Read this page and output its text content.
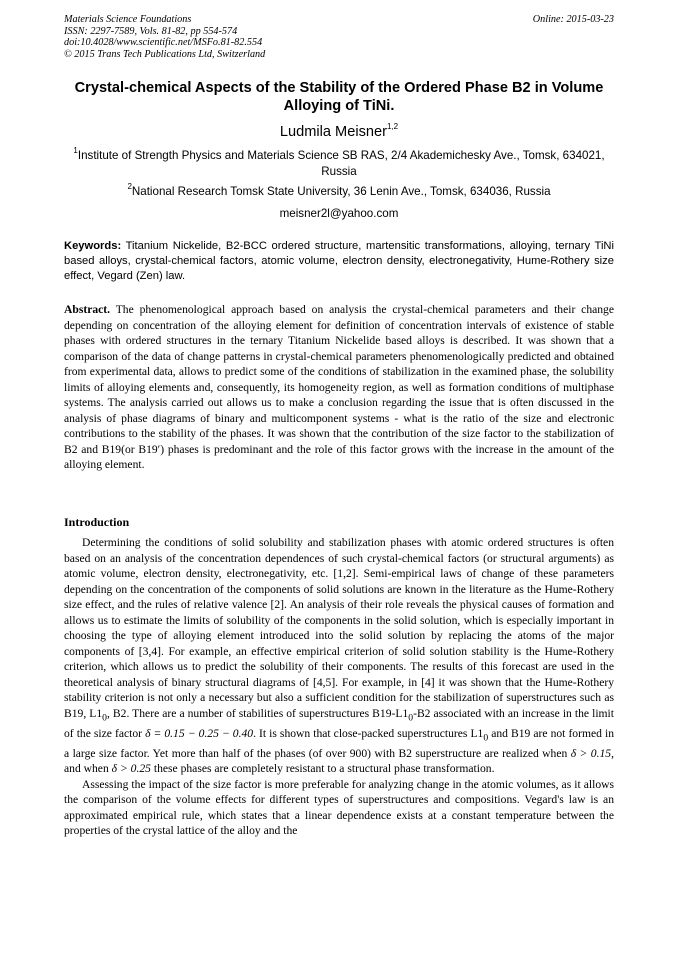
Materials Science Foundations
ISSN: 2297-7589, Vols. 81-82, pp 554-574
doi:10.4028/www.scientific.net/MSFo.81-82.554
© 2015 Trans Tech Publications Ltd, Switzerland
Online: 2015-03-23
Crystal-chemical Aspects of the Stability of the Ordered Phase B2 in Volume Alloying of TiNi.
Ludmila Meisner$^{1,2}$
$^1$Institute of Strength Physics and Materials Science SB RAS, 2/4 Akademichesky Ave., Tomsk, 634021, Russia
$^2$National Research Tomsk State University, 36 Lenin Ave., Tomsk, 634036, Russia
meisner2l@yahoo.com
Keywords: Titanium Nickelide, B2-BCC ordered structure, martensitic transformations, alloying, ternary TiNi based alloys, crystal-chemical factors, atomic volume, electron density, electronegativity, Hume-Rothery size effect, Vegard (Zen) law.
Abstract. The phenomenological approach based on analysis the crystal-chemical parameters and their change depending on concentration of the alloying element for definition of concentration intervals of existence of stable phases with ordered structures in the ternary Titanium Nickelide based alloys is described. It was shown that a comparison of the data of change patterns in crystal-chemical parameters phenomenologically predicted and obtained from experimental data, allows to predict some of the conditions of stabilization in the examined phase, the solubility limits of alloying elements and, consequently, its homogeneity region, as well as formation conditions of multiphase systems. The analysis carried out allows us to make a conclusion regarding the issue that is often discussed in the analysis of phase diagrams of binary and multicomponent systems - what is the ratio of the size and electronic contributions to the stability of the phases. It was shown that the contribution of the size factor to the stabilization of B2 and B19(or B19′) phases is predominant and the role of this factor grows with the increase in the amount of the alloying element.
Introduction

Determining the conditions of solid solubility and stabilization phases with atomic ordered structures is often based on an analysis of the concentration dependences of such crystal-chemical factors (or structural arguments) as atomic volume, electron density, electronegativity, etc. [1,2]. Semi-empirical laws of change of these parameters depending on the concentration of the components of solid solutions are known in the literature as the Hume-Rothery size effect, and the rules of relative valence [2]. An analysis of their role reveals the physical causes of formation and allows us to estimate the limits of solubility of the components in the solid solution, which is especially important in choosing the type of alloying element introduced into the solid solution by replacing the atoms of the major components of [3,4]. For example, an effective empirical criterion of solid solution stability is the Hume-Rothery criterion, which allows us to predict the solubility of their components. The results of this forecast are used in the theoretical analysis of binary structural diagrams of [4,5]. For example, in [4] it was shown that the Hume-Rothery stability criterion is not only a necessary but also a sufficient condition for the stabilization of superstructures such as B19, $L1_0$, B2. There are a number of stabilities of superstructures $B19-L1_0-B2$ associated with an increase in the limit of the size factor δ = 0.15 − 0.25 − 0.40. It is shown that close-packed superstructures $L1_0$ and B19 are not formed in a large size factor. Yet more than half of the phases (of over 900) with B2 superstructure are realized when δ > 0.15, and when δ > 0.25 these phases are completely resistant to a structural phase transformation.

Assessing the impact of the size factor is more preferable for analyzing change in the atomic volumes, as it allows the comparison of the volume effects for different types of superstructures and compositions. Vegard's law is an approximated empirical rule, which states that a linear dependence exists at a constant temperature between the properties of the crystal lattice of the alloy and the
